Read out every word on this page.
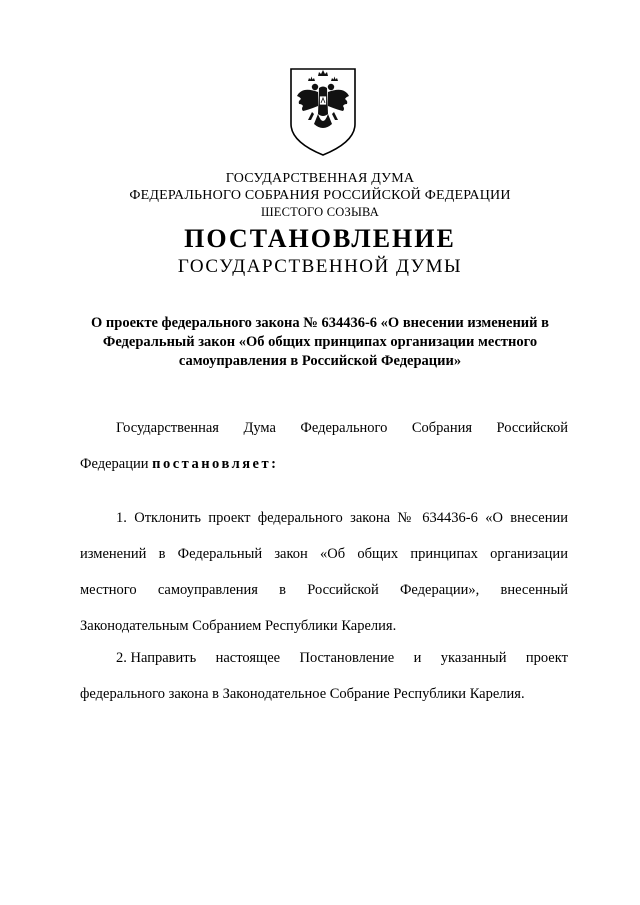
ГОСУДАРСТВЕННАЯ ДУМА
ФЕДЕРАЛЬНОГО СОБРАНИЯ РОССИЙСКОЙ ФЕДЕРАЦИИ
ШЕСТОГО СОЗЫВА
ПОСТАНОВЛЕНИЕ
ГОСУДАРСТВЕННОЙ ДУМЫ
О проекте федерального закона № 634436-6 «О внесении изменений в
Федеральный закон «Об общих принципах организации местного
самоуправления в Российской Федерации»
Государственная Дума Федерального Собрания Российской
Федерации постановляет:
1. Отклонить проект федерального закона № 634436-6 «О внесении
изменений в Федеральный закон «Об общих принципах организации
местного самоуправления в Российской Федерации», внесенный
Законодательным Собранием Республики Карелия.
2. Направить настоящее Постановление и указанный проект
федерального закона в Законодательное Собрание Республики Карелия.
